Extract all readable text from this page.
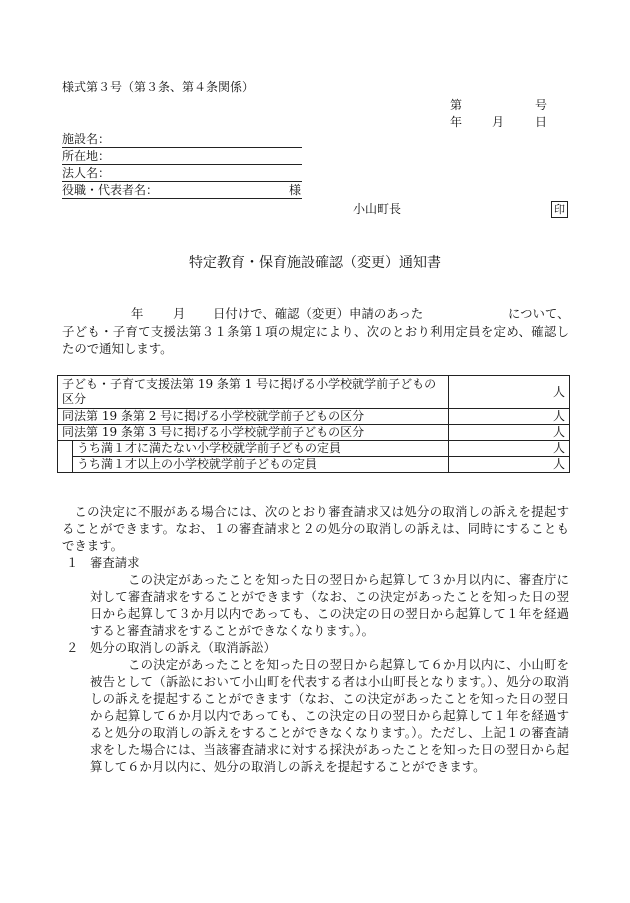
様式第３号（第３条、第４条関係）
第	号
年 月	日
施設名：
所在地：
法人名：
役職・代表者名：	様
小山町長	印
特定教育・保育施設確認（変更）通知書
年 月 日付けで、確認（変更）申請のあった	について、
子ども・子育て支援法第３１条第１項の規定により、次のとおり利用定員を定め、確認したので通知します。
子ども・子育て支援法第 19 条第 1 号に掲げる小学校就学前子どもの区分		人
同法第 19 条第 2 号に掲げる小学校就学前子どもの区分		人
同法第 19 条第 3 号に掲げる小学校就学前子どもの区分		人
	うち満１才に満たない小学校就学前子どもの定員	人
	うち満１才以上の小学校就学前子どもの定員	人
この決定に不服がある場合には、次のとおり審査請求又は処分の取消しの訴えを提起することができます。なお、１の審査請求と２の処分の取消しの訴えは、同時にすることもできます。
１ 審査請求
この決定があったことを知った日の翌日から起算して３か月以内に、審査庁に対して審査請求をすることができます（なお、この決定があったことを知った日の翌日から起算して３か月以内であっても、この決定の日の翌日から起算して１年を経過すると審査請求をすることができなくなります。）。
２ 処分の取消しの訴え（取消訴訟）
この決定があったことを知った日の翌日から起算して６か月以内に、小山町を被告として（訴訟において小山町を代表する者は小山町長となります。）、処分の取消しの訴えを提起することができます（なお、この決定があったことを知った日の翌日から起算して６か月以内であっても、この決定の日の翌日から起算して１年を経過すると処分の取消しの訴えをすることができなくなります。）。ただし、上記１の審査請求をした場合には、当該審査請求に対する採決があったことを知った日の翌日から起算して６か月以内に、処分の取消しの訴えを提起することができます。
